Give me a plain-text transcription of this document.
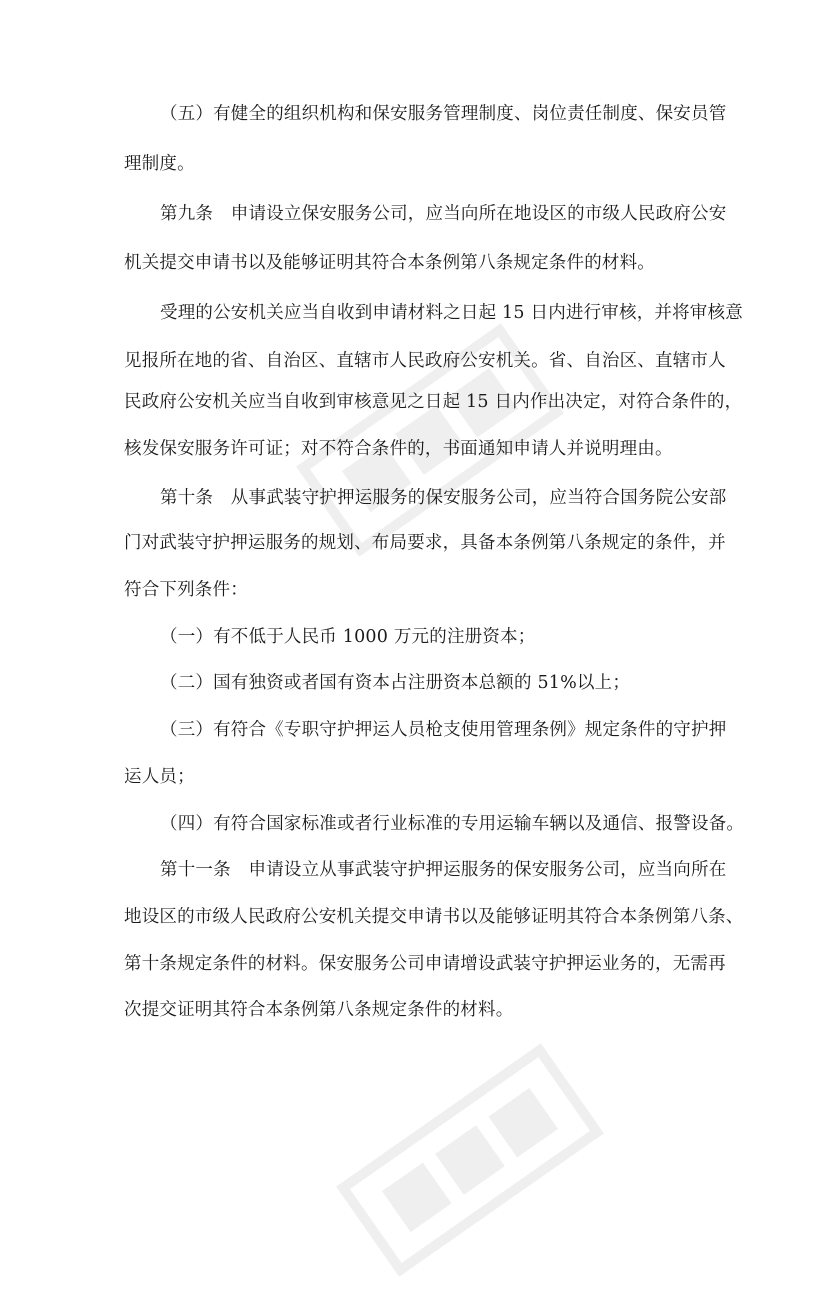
（五）有健全的组织机构和保安服务管理制度、岗位责任制度、保安员管
理制度。
第九条　申请设立保安服务公司，应当向所在地设区的市级人民政府公安
机关提交申请书以及能够证明其符合本条例第八条规定条件的材料。
受理的公安机关应当自收到申请材料之日起 15 日内进行审核，并将审核意
见报所在地的省、自治区、直辖市人民政府公安机关。省、自治区、直辖市人
民政府公安机关应当自收到审核意见之日起 15 日内作出决定，对符合条件的，
核发保安服务许可证；对不符合条件的，书面通知申请人并说明理由。
第十条　从事武装守护押运服务的保安服务公司，应当符合国务院公安部
门对武装守护押运服务的规划、布局要求，具备本条例第八条规定的条件，并
符合下列条件：
（一）有不低于人民币 1000 万元的注册资本；
（二）国有独资或者国有资本占注册资本总额的 51%以上；
（三）有符合《专职守护押运人员枪支使用管理条例》规定条件的守护押
运人员；
（四）有符合国家标准或者行业标准的专用运输车辆以及通信、报警设备。
第十一条　申请设立从事武装守护押运服务的保安服务公司，应当向所在
地设区的市级人民政府公安机关提交申请书以及能够证明其符合本条例第八条、
第十条规定条件的材料。保安服务公司申请增设武装守护押运业务的，无需再
次提交证明其符合本条例第八条规定条件的材料。
